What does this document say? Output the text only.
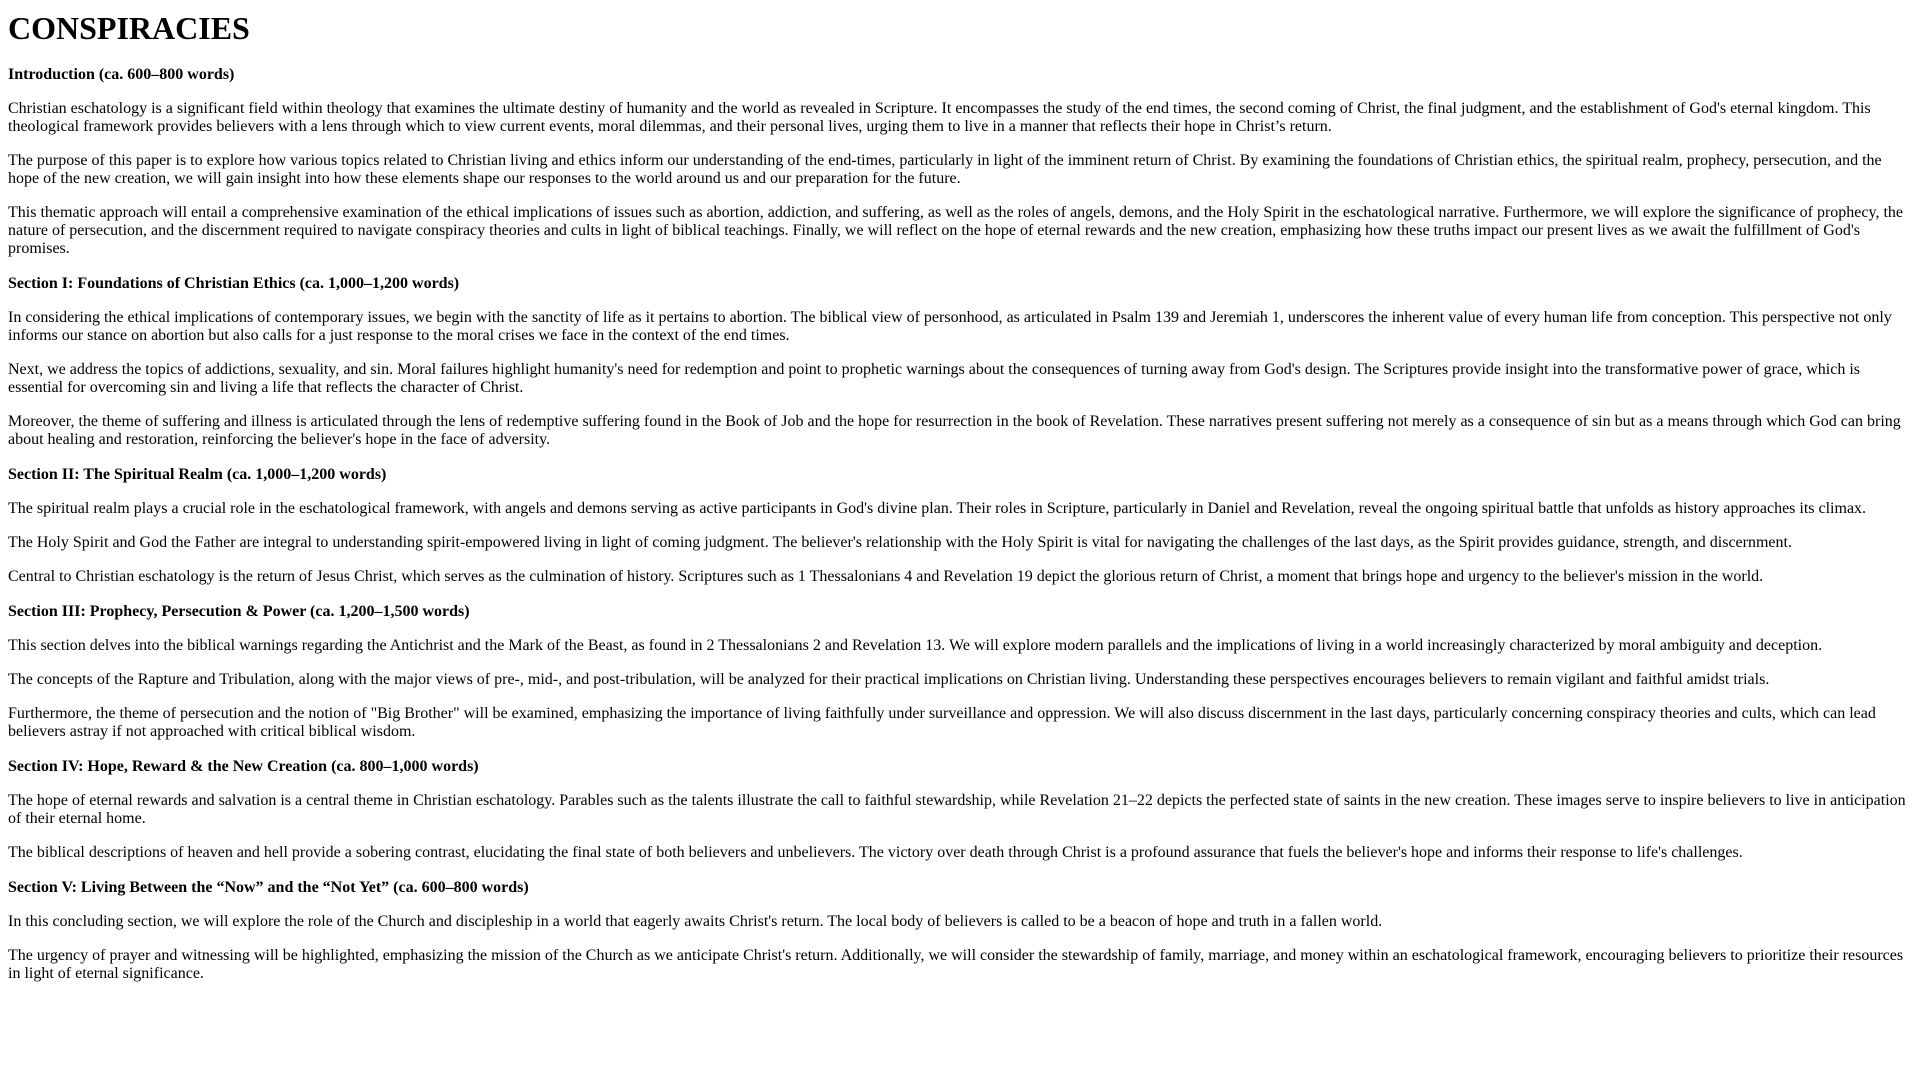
CONSPIRACIES
Introduction (ca. 600–800 words)

Christian eschatology is a significant field within theology that examines the ultimate destiny of humanity and the world as revealed in Scripture. It encompasses the study of the end times, the second coming of Christ, the final judgment, and the establishment of God's eternal kingdom. This theological framework provides believers with a lens through which to view current events, moral dilemmas, and their personal lives, urging them to live in a manner that reflects their hope in Christ’s return.

The purpose of this paper is to explore how various topics related to Christian living and ethics inform our understanding of the end-times, particularly in light of the imminent return of Christ. By examining the foundations of Christian ethics, the spiritual realm, prophecy, persecution, and the hope of the new creation, we will gain insight into how these elements shape our responses to the world around us and our preparation for the future.

This thematic approach will entail a comprehensive examination of the ethical implications of issues such as abortion, addiction, and suffering, as well as the roles of angels, demons, and the Holy Spirit in the eschatological narrative. Furthermore, we will explore the significance of prophecy, the nature of persecution, and the discernment required to navigate conspiracy theories and cults in light of biblical teachings. Finally, we will reflect on the hope of eternal rewards and the new creation, emphasizing how these truths impact our present lives as we await the fulfillment of God's promises.

Section I: Foundations of Christian Ethics (ca. 1,000–1,200 words)

In considering the ethical implications of contemporary issues, we begin with the sanctity of life as it pertains to abortion. The biblical view of personhood, as articulated in Psalm 139 and Jeremiah 1, underscores the inherent value of every human life from conception. This perspective not only informs our stance on abortion but also calls for a just response to the moral crises we face in the context of the end times.

Next, we address the topics of addictions, sexuality, and sin. Moral failures highlight humanity's need for redemption and point to prophetic warnings about the consequences of turning away from God's design. The Scriptures provide insight into the transformative power of grace, which is essential for overcoming sin and living a life that reflects the character of Christ.

Moreover, the theme of suffering and illness is articulated through the lens of redemptive suffering found in the Book of Job and the hope for resurrection in the book of Revelation. These narratives present suffering not merely as a consequence of sin but as a means through which God can bring about healing and restoration, reinforcing the believer's hope in the face of adversity.

Section II: The Spiritual Realm (ca. 1,000–1,200 words)

The spiritual realm plays a crucial role in the eschatological framework, with angels and demons serving as active participants in God's divine plan. Their roles in Scripture, particularly in Daniel and Revelation, reveal the ongoing spiritual battle that unfolds as history approaches its climax.

The Holy Spirit and God the Father are integral to understanding spirit-empowered living in light of coming judgment. The believer's relationship with the Holy Spirit is vital for navigating the challenges of the last days, as the Spirit provides guidance, strength, and discernment.

Central to Christian eschatology is the return of Jesus Christ, which serves as the culmination of history. Scriptures such as 1 Thessalonians 4 and Revelation 19 depict the glorious return of Christ, a moment that brings hope and urgency to the believer's mission in the world.

Section III: Prophecy, Persecution & Power (ca. 1,200–1,500 words)

This section delves into the biblical warnings regarding the Antichrist and the Mark of the Beast, as found in 2 Thessalonians 2 and Revelation 13. We will explore modern parallels and the implications of living in a world increasingly characterized by moral ambiguity and deception.

The concepts of the Rapture and Tribulation, along with the major views of pre-, mid-, and post-tribulation, will be analyzed for their practical implications on Christian living. Understanding these perspectives encourages believers to remain vigilant and faithful amidst trials.

Furthermore, the theme of persecution and the notion of "Big Brother" will be examined, emphasizing the importance of living faithfully under surveillance and oppression. We will also discuss discernment in the last days, particularly concerning conspiracy theories and cults, which can lead believers astray if not approached with critical biblical wisdom.

Section IV: Hope, Reward & the New Creation (ca. 800–1,000 words)

The hope of eternal rewards and salvation is a central theme in Christian eschatology. Parables such as the talents illustrate the call to faithful stewardship, while Revelation 21–22 depicts the perfected state of saints in the new creation. These images serve to inspire believers to live in anticipation of their eternal home.

The biblical descriptions of heaven and hell provide a sobering contrast, elucidating the final state of both believers and unbelievers. The victory over death through Christ is a profound assurance that fuels the believer's hope and informs their response to life's challenges.

Section V: Living Between the “Now” and the “Not Yet” (ca. 600–800 words)

In this concluding section, we will explore the role of the Church and discipleship in a world that eagerly awaits Christ's return. The local body of believers is called to be a beacon of hope and truth in a fallen world.

The urgency of prayer and witnessing will be highlighted, emphasizing the mission of the Church as we anticipate Christ's return. Additionally, we will consider the stewardship of family, marriage, and money within an eschatological framework, encouraging believers to prioritize their resources in light of eternal significance.
